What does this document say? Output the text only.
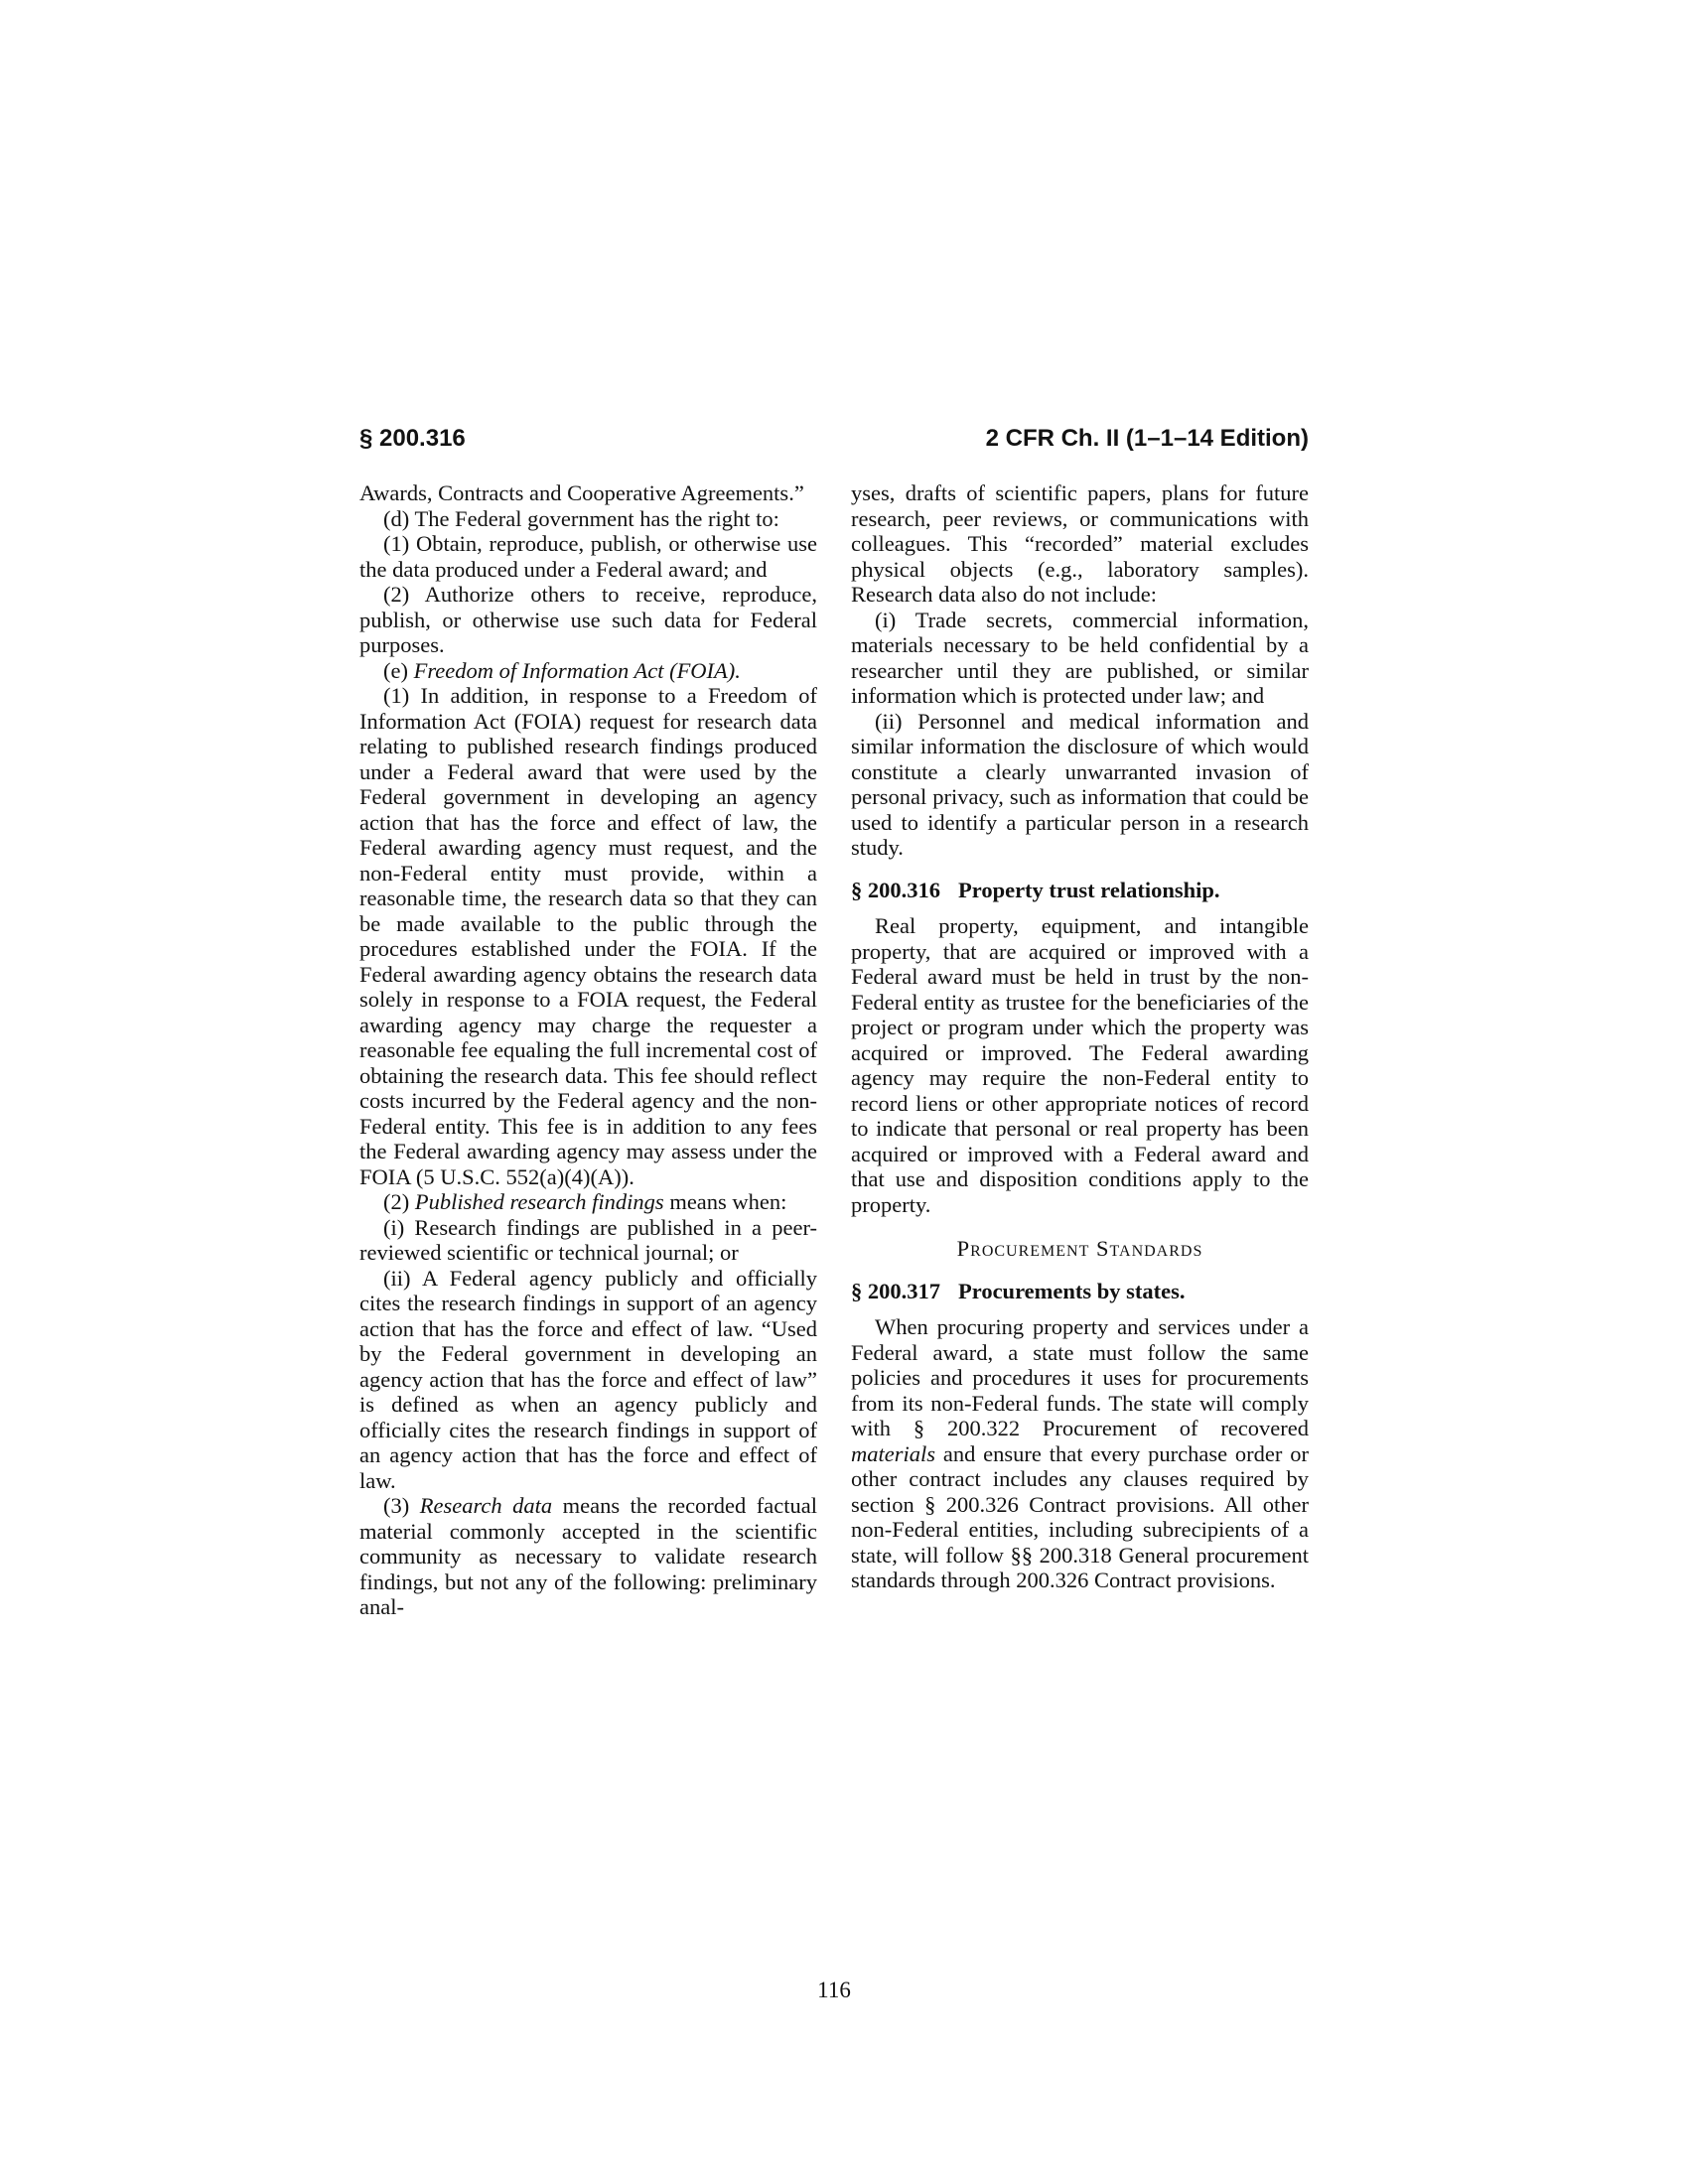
§ 200.316	2 CFR Ch. II (1–1–14 Edition)

Awards, Contracts and Cooperative Agreements.”

(d) The Federal government has the right to:

(1) Obtain, reproduce, publish, or otherwise use the data produced under a Federal award; and

(2) Authorize others to receive, reproduce, publish, or otherwise use such data for Federal purposes.

(e) Freedom of Information Act (FOIA).

(1) In addition, in response to a Freedom of Information Act (FOIA) request for research data relating to published research findings produced under a Federal award that were used by the Federal government in developing an agency action that has the force and effect of law, the Federal awarding agency must request, and the non-Federal entity must provide, within a reasonable time, the research data so that they can be made available to the public through the procedures established under the FOIA. If the Federal awarding agency obtains the research data solely in response to a FOIA request, the Federal awarding agency may charge the requester a reasonable fee equaling the full incremental cost of obtaining the research data. This fee should reflect costs incurred by the Federal agency and the non-Federal entity. This fee is in addition to any fees the Federal awarding agency may assess under the FOIA (5 U.S.C. 552(a)(4)(A)).

(2) Published research findings means when:

(i) Research findings are published in a peer-reviewed scientific or technical journal; or

(ii) A Federal agency publicly and officially cites the research findings in support of an agency action that has the force and effect of law. “Used by the Federal government in developing an agency action that has the force and effect of law” is defined as when an agency publicly and officially cites the research findings in support of an agency action that has the force and effect of law.

(3) Research data means the recorded factual material commonly accepted in the scientific community as necessary to validate research findings, but not any of the following: preliminary anal-

yses, drafts of scientific papers, plans for future research, peer reviews, or communications with colleagues. This “recorded” material excludes physical objects (e.g., laboratory samples). Research data also do not include:

(i) Trade secrets, commercial information, materials necessary to be held confidential by a researcher until they are published, or similar information which is protected under law; and

(ii) Personnel and medical information and similar information the disclosure of which would constitute a clearly unwarranted invasion of personal privacy, such as information that could be used to identify a particular person in a research study.

§ 200.316 Property trust relationship.

Real property, equipment, and intangible property, that are acquired or improved with a Federal award must be held in trust by the non-Federal entity as trustee for the beneficiaries of the project or program under which the property was acquired or improved. The Federal awarding agency may require the non-Federal entity to record liens or other appropriate notices of record to indicate that personal or real property has been acquired or improved with a Federal award and that use and disposition conditions apply to the property.

Procurement Standards

§ 200.317 Procurements by states.

When procuring property and services under a Federal award, a state must follow the same policies and procedures it uses for procurements from its non-Federal funds. The state will comply with § 200.322 Procurement of recovered materials and ensure that every purchase order or other contract includes any clauses required by section § 200.326 Contract provisions. All other non-Federal entities, including subrecipients of a state, will follow §§ 200.318 General procurement standards through 200.326 Contract provisions.

116
